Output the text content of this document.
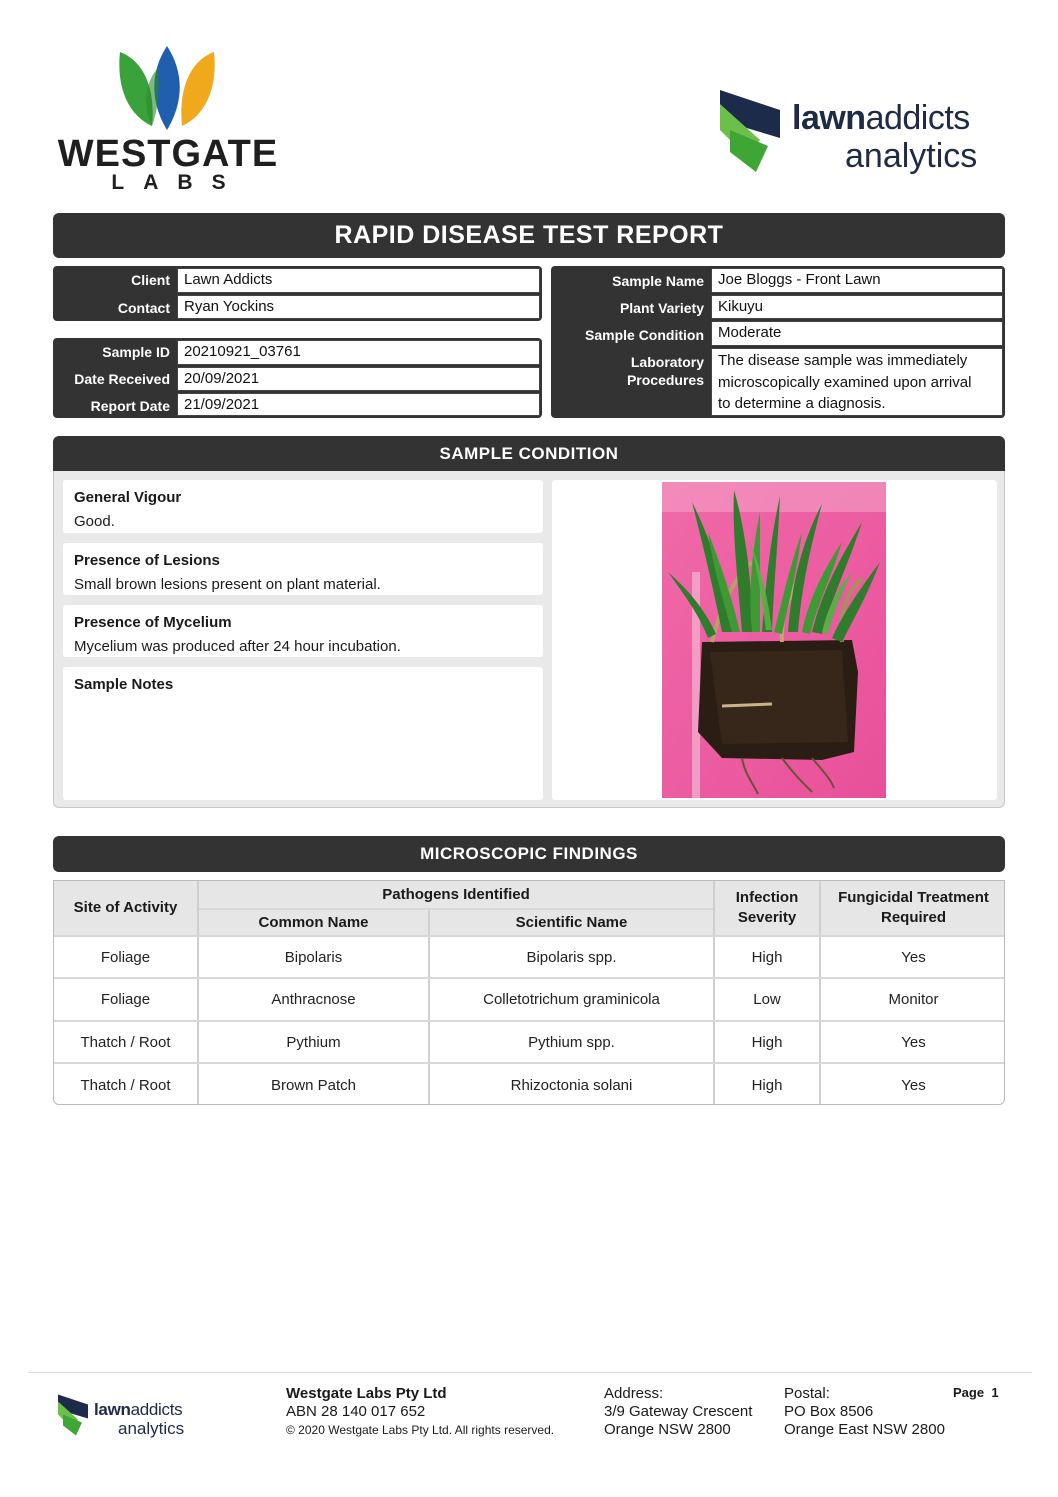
WESTGATE
LABS
lawnaddicts
analytics
RAPID DISEASE TEST REPORT
Client Lawn Addicts
Contact Ryan Yockins
Sample ID 20210921_03761
Date Received 20/09/2021
Report Date 21/09/2021
Sample Name Joe Bloggs - Front Lawn
Plant Variety Kikuyu
Sample Condition Moderate
Laboratory
Procedures
The disease sample was immediately
microscopically examined upon arrival
to determine a diagnosis.
SAMPLE CONDITION
General Vigour
Good.
Presence of Lesions
Small brown lesions present on plant material.
Presence of Mycelium
Mycelium was produced after 24 hour incubation.
Sample Notes
MICROSCOPIC FINDINGS
Site of Activity
Pathogens Identified
Common Name	Scientific Name
Infection
Severity
Fungicidal Treatment
Required
Foliage	Bipolaris	Bipolaris spp.	High	Yes
Foliage	Anthracnose	Colletotrichum graminicola	Low	Monitor
Thatch / Root	Pythium	Pythium spp.	High	Yes
Thatch / Root	Brown Patch	Rhizoctonia solani	High	Yes
lawnaddicts
analytics
Westgate Labs Pty Ltd
ABN 28 140 017 652
© 2020 Westgate Labs Pty Ltd. All rights reserved.
Address:
3/9 Gateway Crescent
Orange NSW 2800
Postal:
PO Box 8506
Orange East NSW 2800
Page 1
